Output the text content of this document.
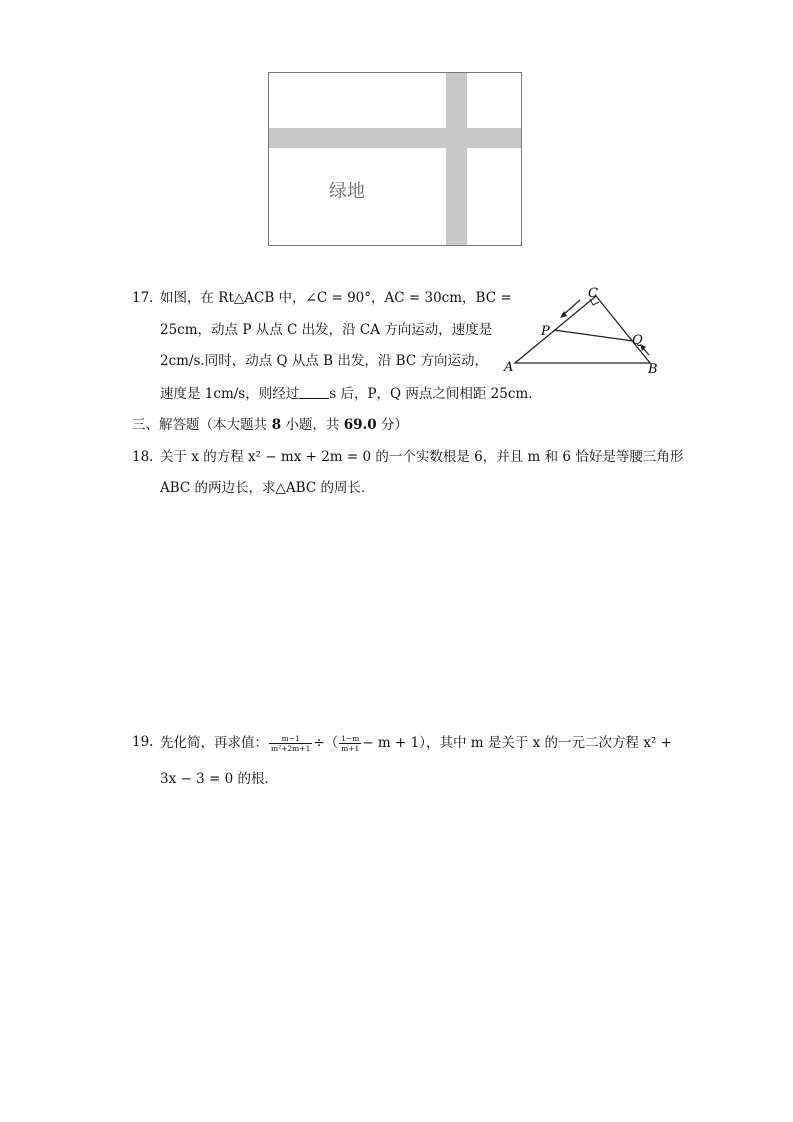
绿地
17. 如图，在 Rt△ACB 中，∠C = 90°，AC = 30cm，BC =
25cm，动点 P 从点 C 出发，沿 CA 方向运动，速度是
2cm/s.同时，动点 Q 从点 B 出发，沿 BC 方向运动，
速度是 1cm/s，则经过 s 后，P，Q 两点之间相距 25cm．
C
P
Q
A	B
三、解答题（本大题共 8 小题，共 69.0 分）
18. 关于 x 的方程 x² − mx + 2m = 0 的一个实数根是 6，并且 m 和 6 恰好是等腰三角形
ABC 的两边长，求△ABC 的周长．
19. 先化简，再求值： $\frac{m-1}{\text{m²+2m+1}}$ ÷（ $\frac{1-m}{m+1} - m + 1$），其中 m 是关于 x 的一元二次方程 x² +
3x − 3 = 0 的根．
